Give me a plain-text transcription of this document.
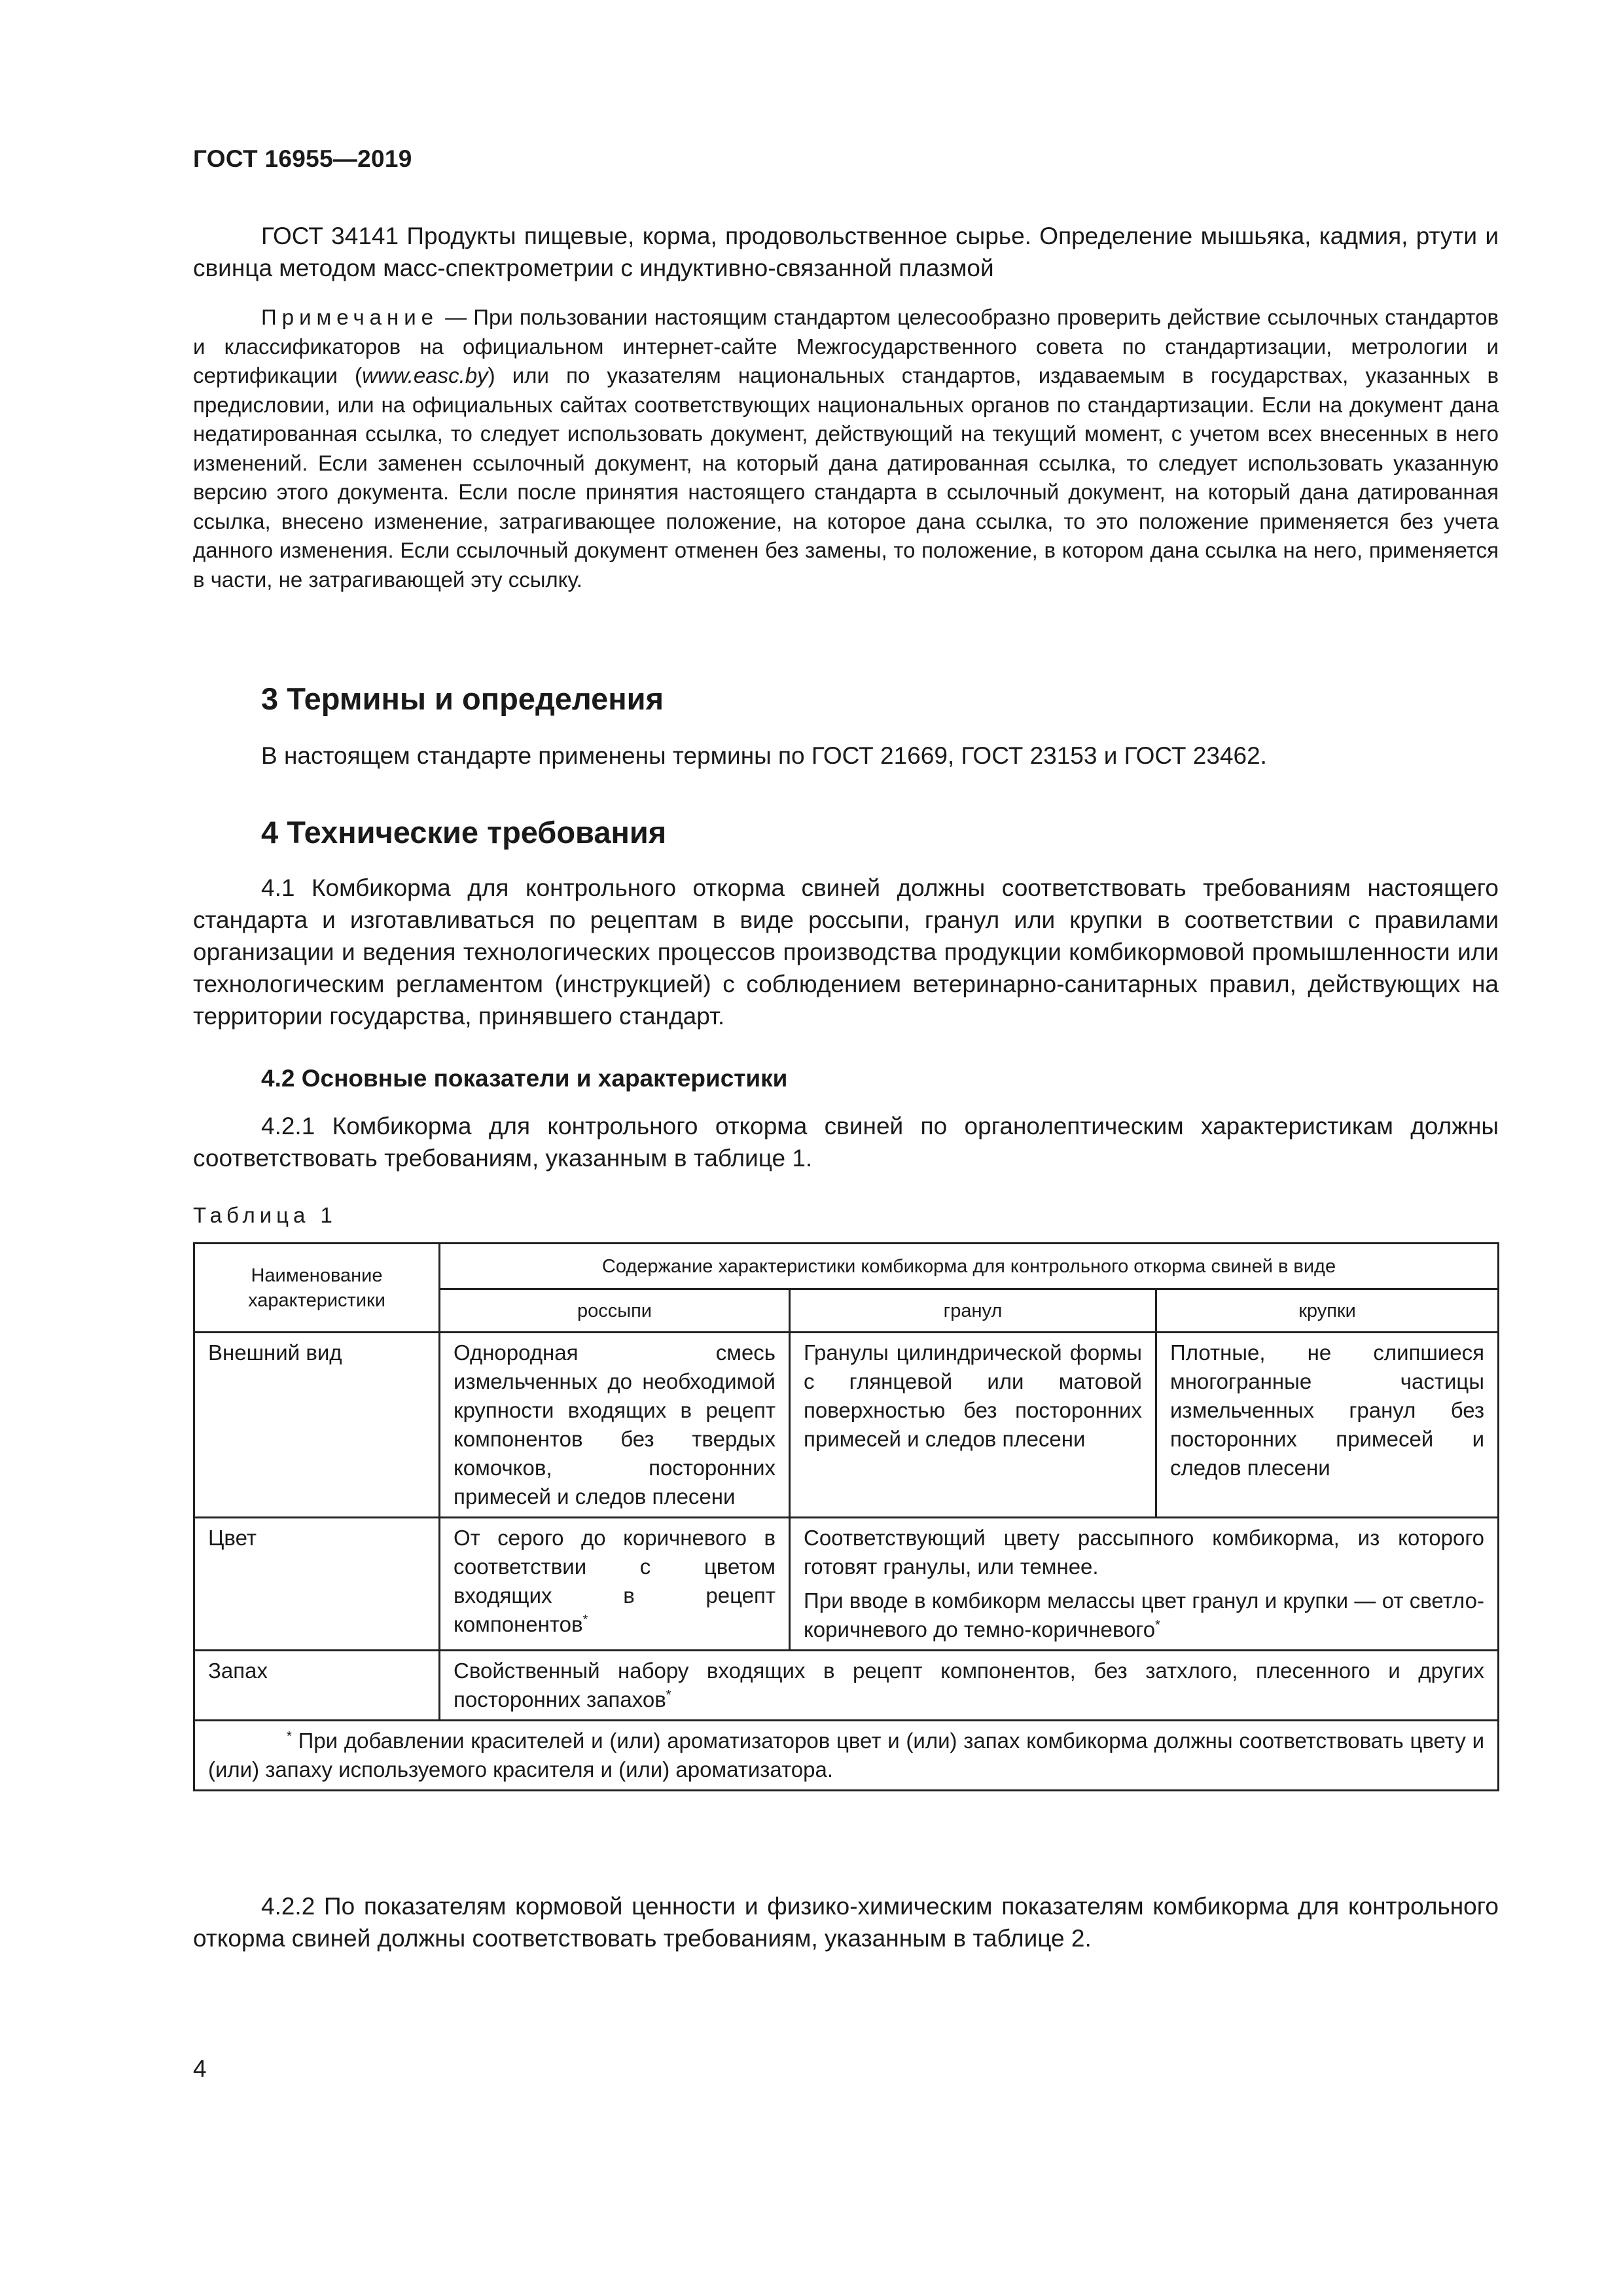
ГОСТ 16955—2019

ГОСТ 34141 Продукты пищевые, корма, продовольственное сырье. Определение мышьяка, кадмия, ртути и свинца методом масс-спектрометрии с индуктивно-связанной плазмой

Примечание — При пользовании настоящим стандартом целесообразно проверить действие ссылочных стандартов и классификаторов на официальном интернет-сайте Межгосударственного совета по стандартизации, метрологии и сертификации (www.easc.by) или по указателям национальных стандартов, издаваемым в государствах, указанных в предисловии, или на официальных сайтах соответствующих национальных органов по стандартизации. Если на документ дана недатированная ссылка, то следует использовать документ, действующий на текущий момент, с учетом всех внесенных в него изменений. Если заменен ссылочный документ, на который дана датированная ссылка, то следует использовать указанную версию этого документа. Если после принятия настоящего стандарта в ссылочный документ, на который дана датированная ссылка, внесено изменение, затрагивающее положение, на которое дана ссылка, то это положение применяется без учета данного изменения. Если ссылочный документ отменен без замены, то положение, в котором дана ссылка на него, применяется в части, не затрагивающей эту ссылку.

3 Термины и определения

В настоящем стандарте применены термины по ГОСТ 21669, ГОСТ 23153 и ГОСТ 23462.

4 Технические требования

4.1 Комбикорма для контрольного откорма свиней должны соответствовать требованиям настоящего стандарта и изготавливаться по рецептам в виде россыпи, гранул или крупки в соответствии с правилами организации и ведения технологических процессов производства продукции комбикормовой промышленности или технологическим регламентом (инструкцией) с соблюдением ветеринарно-санитарных правил, действующих на территории государства, принявшего стандарт.

4.2 Основные показатели и характеристики

4.2.1 Комбикорма для контрольного откорма свиней по органолептическим характеристикам должны соответствовать требованиям, указанным в таблице 1.

Таблица 1
Наименование характеристики	Содержание характеристики комбикорма для контрольного откорма свиней в виде		
	россыпи	гранул	крупки
Внешний вид	Однородная смесь измельченных до необходимой крупности входящих в рецепт компонентов без твердых комочков, посторонних примесей и следов плесени	Гранулы цилиндрической формы с глянцевой или матовой поверхностью без посторонних примесей и следов плесени	Плотные, не слипшиеся многогранные частицы измельченных гранул без посторонних примесей и следов плесени
Цвет	От серого до коричневого в соответствии с цветом входящих в рецепт компонентов*	Соответствующий цвету рассыпного комбикорма, из которого готовят гранулы, или темнее.

При вводе в комбикорм мелассы цвет гранул и крупки — от светло-коричневого до темно-коричневого*

Запах	Свойственный набору входящих в рецепт компонентов, без затхлого, плесенного и других посторонних запахов*

* При добавлении красителей и (или) ароматизаторов цвет и (или) запах комбикорма должны соответствовать цвету и (или) запаху используемого красителя и (или) ароматизатора.			

4.2.2 По показателям кормовой ценности и физико-химическим показателям комбикорма для контрольного откорма свиней должны соответствовать требованиям, указанным в таблице 2.

4
